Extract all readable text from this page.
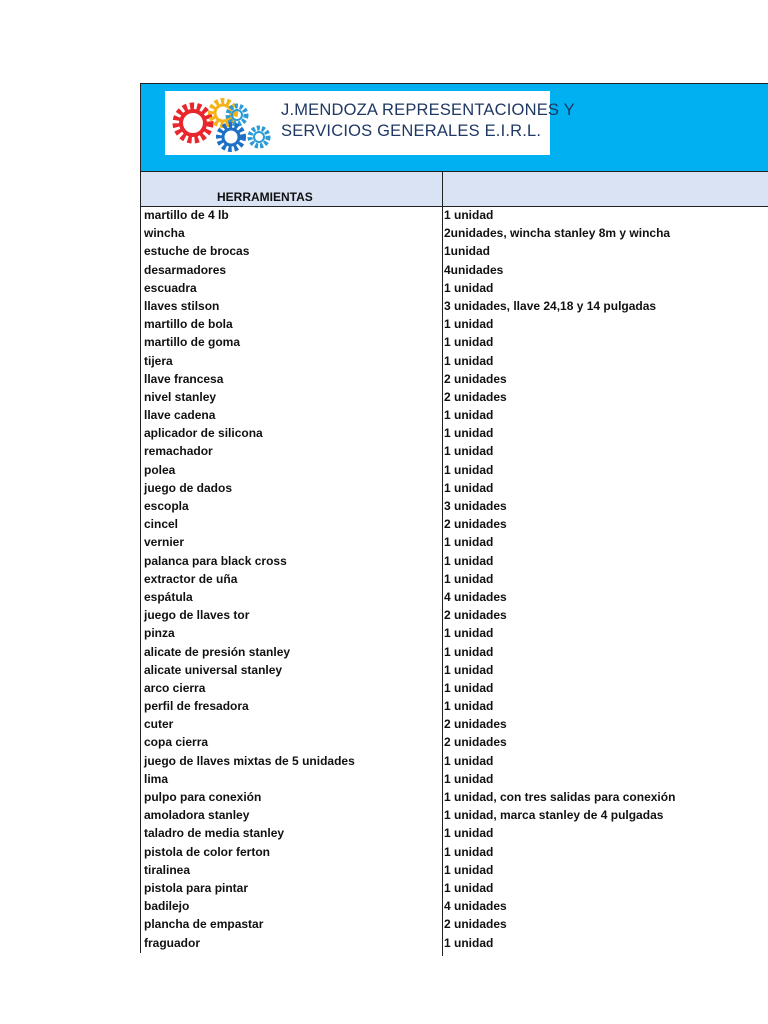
J.MENDOZA REPRESENTACIONES Y
SERVICIOS GENERALES E.I.R.L.
HERRAMIENTAS
martillo de 4 lb	1 unidad
wincha	2unidades, wincha stanley 8m y wincha
estuche de brocas	1unidad
desarmadores	4unidades
escuadra	1 unidad
llaves stilson	3 unidades, llave 24,18 y 14 pulgadas
martillo de bola	1 unidad
martillo de goma	1 unidad
tijera	1 unidad
llave francesa	2 unidades
nivel stanley	2 unidades
llave cadena	1 unidad
aplicador de silicona	1 unidad
remachador	1 unidad
polea	1 unidad
juego de dados	1 unidad
escopla	3 unidades
cincel	2 unidades
vernier	1 unidad
palanca para black cross	1 unidad
extractor de uña	1 unidad
espátula	4 unidades
juego de llaves tor	2 unidades
pinza	1 unidad
alicate de presión stanley	1 unidad
alicate universal stanley	1 unidad
arco cierra	1 unidad
perfil de fresadora	1 unidad
cuter	2 unidades
copa cierra	2 unidades
juego de llaves mixtas de 5 unidades	1 unidad
lima	1 unidad
pulpo para conexión	1 unidad, con tres salidas para conexión
amoladora stanley	1 unidad, marca stanley de 4 pulgadas
taladro de media stanley	1 unidad
pistola de color ferton	1 unidad
tiralinea	1 unidad
pistola para pintar	1 unidad
badilejo	4 unidades
plancha de empastar	2 unidades
fraguador	1 unidad
